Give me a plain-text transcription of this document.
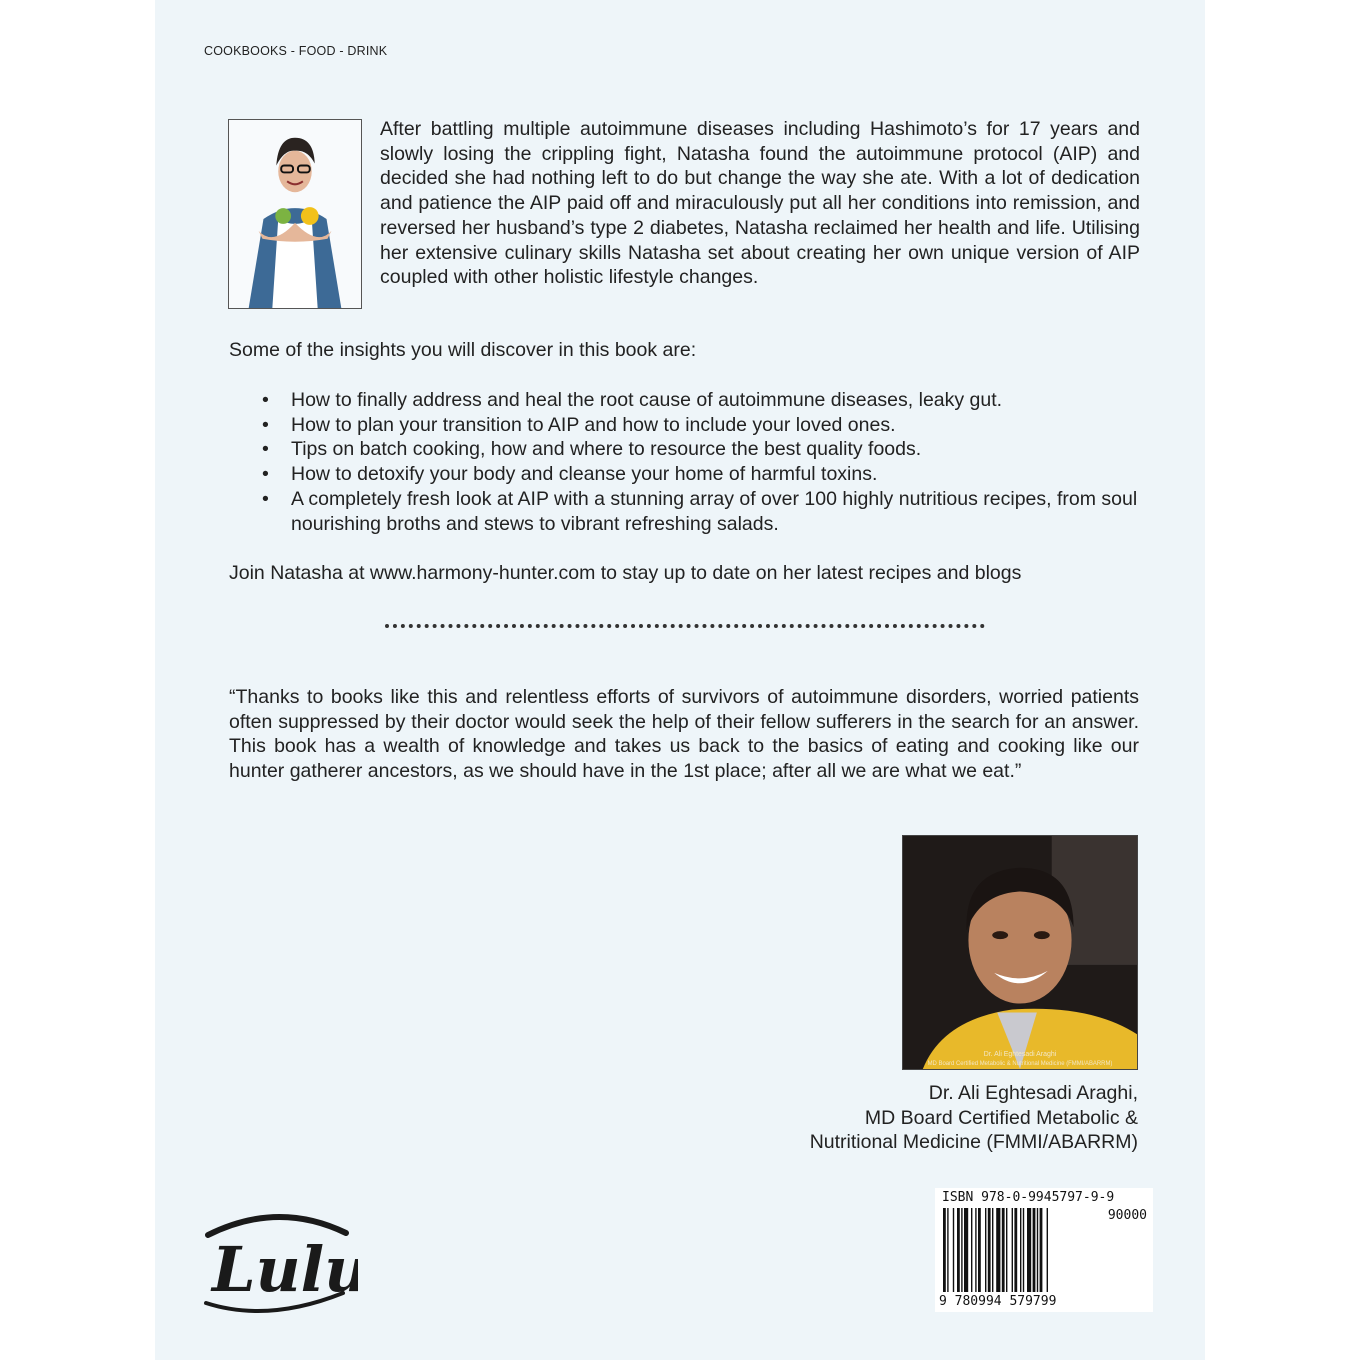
COOKBOOKS - FOOD - DRINK

After battling multiple autoimmune diseases including Hashimoto’s for 17 years and slowly losing the crippling fight, Natasha found the autoimmune protocol (AIP) and decided she had nothing left to do but change the way she ate. With a lot of dedication and patience the AIP paid off and miraculously put all her conditions into remission, and reversed her husband’s type 2 diabetes, Natasha reclaimed her health and life. Utilising her extensive culinary skills Natasha set about creating her own unique version of AIP coupled with other holistic lifestyle changes.

Some of the insights you will discover in this book are:

• How to finally address and heal the root cause of autoimmune diseases, leaky gut.
• How to plan your transition to AIP and how to include your loved ones.
• Tips on batch cooking, how and where to resource the best quality foods.
• How to detoxify your body and cleanse your home of harmful toxins.
• A completely fresh look at AIP with a stunning array of over 100 highly nutritious recipes, from soul nourishing broths and stews to vibrant refreshing salads.

Join Natasha at www.harmony-hunter.com to stay up to date on her latest recipes and blogs

“Thanks to books like this and relentless efforts of survivors of autoimmune disorders, worried patients often suppressed by their doctor would seek the help of their fellow sufferers in the search for an answer. This book has a wealth of knowledge and takes us back to the basics of eating and cooking like our hunter gatherer ancestors, as we should have in the 1st place; after all we are what we eat.”

Dr. Ali Eghtesadi Araghi
MD Board Certified Metabolic & Nutritional Medicine (FMMI/ABARRM)
Dr. Ali Eghtesadi Araghi,
MD Board Certified Metabolic &
Nutritional Medicine (FMMI/ABARRM)
Lulu
ISBN 978-0-9945797-9-9
90000
9 780994 579799
